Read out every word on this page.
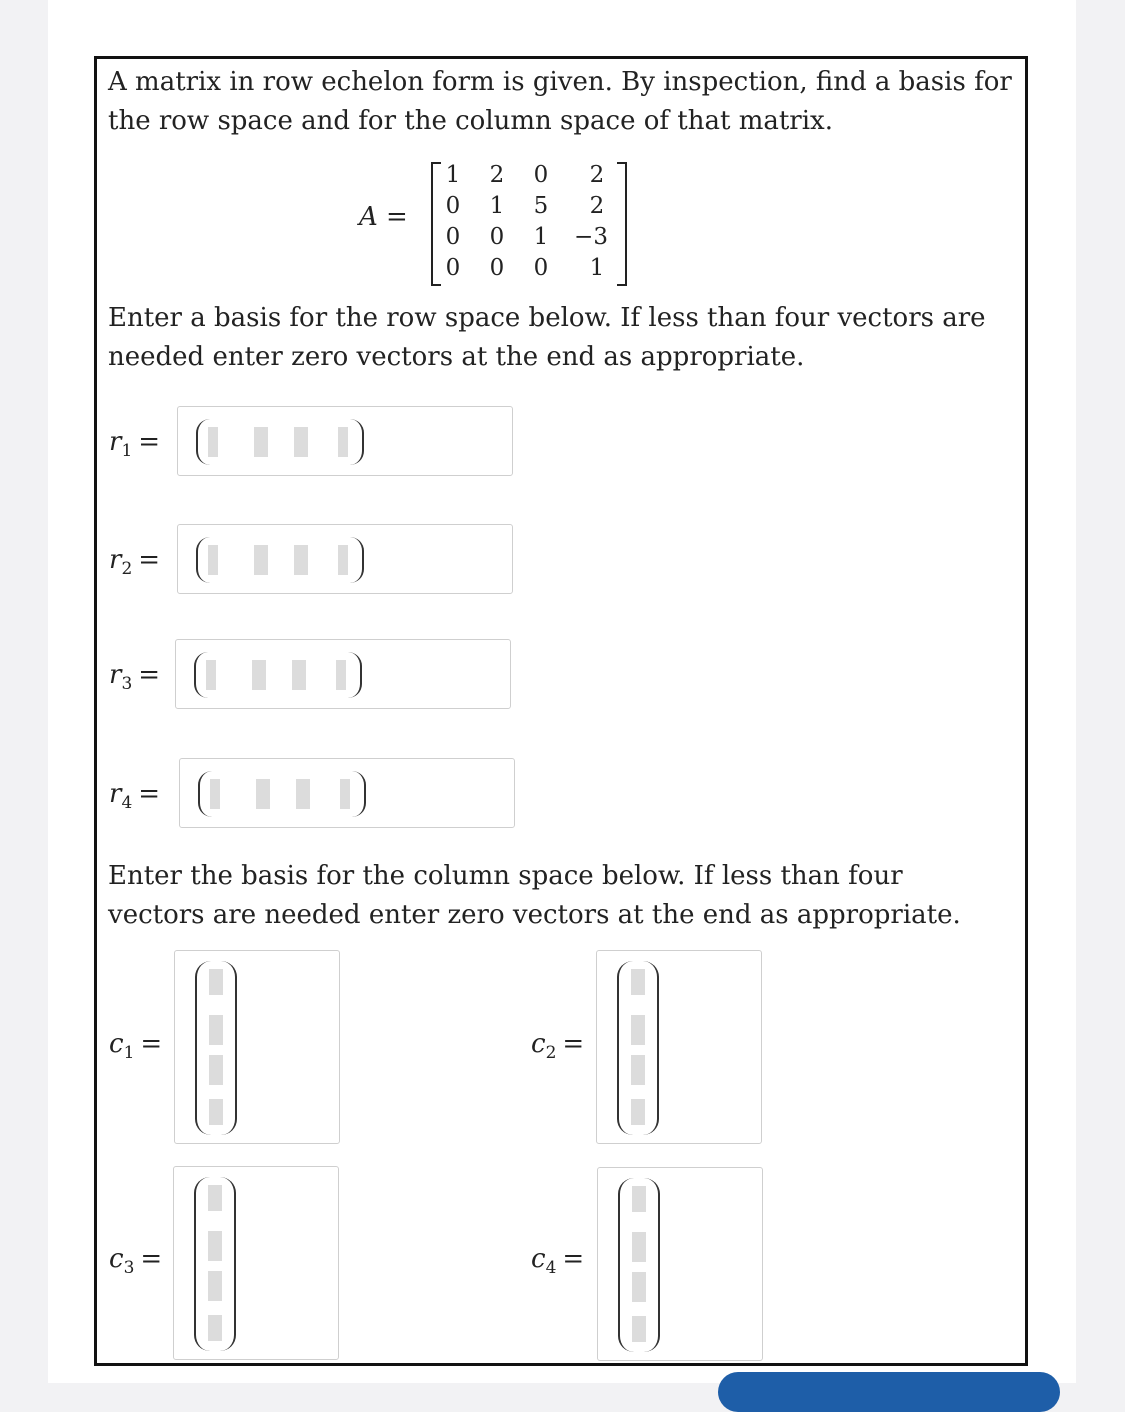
A matrix in row echelon form is given. By inspection, find a basis for
the row space and for the column space of that matrix.

A =
1	2	0	2
0	1	5	2
0	0	1	−3
0	0	0	1

Enter a basis for the row space below. If less than four vectors are
needed enter zero vectors at the end as appropriate.

$r_1$ =
$r_2$ =
$r_3$ =
$r_4$ =

Enter the basis for the column space below. If less than four
vectors are needed enter zero vectors at the end as appropriate.

$c_1$ =	$c_2$ =
$c_3$ =	$c_4$ =
